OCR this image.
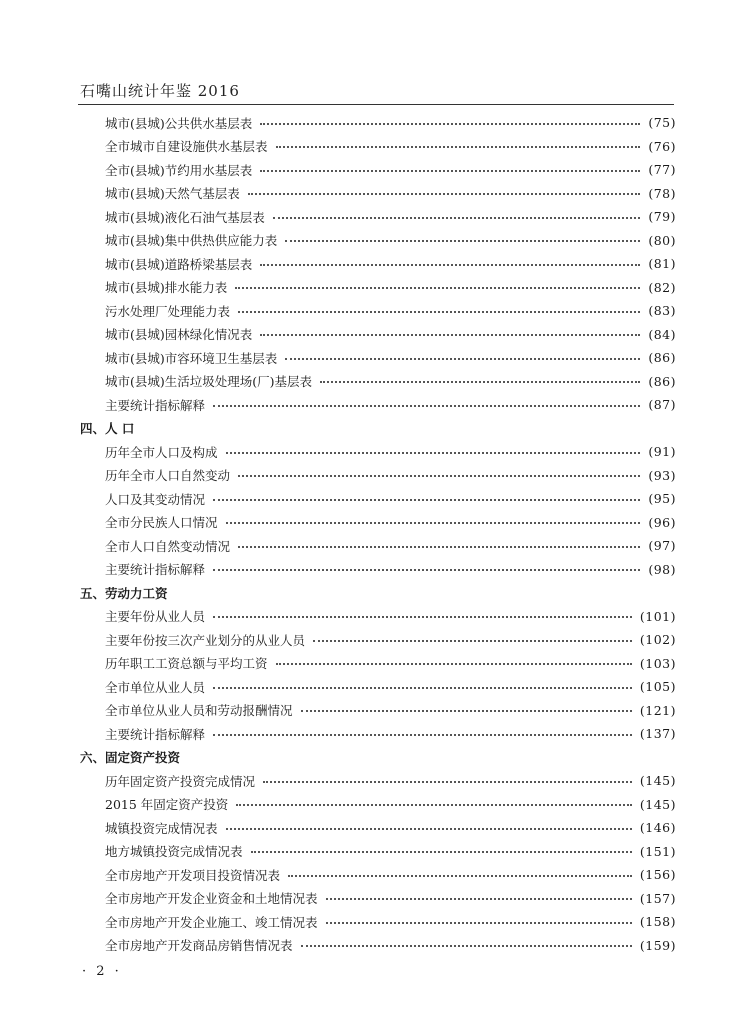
石嘴山统计年鉴 2016
城市(县城)公共供水基层表	(75)
全市城市自建设施供水基层表	(76)
全市(县城)节约用水基层表	(77)
城市(县城)天然气基层表	(78)
城市(县城)液化石油气基层表	(79)
城市(县城)集中供热供应能力表	(80)
城市(县城)道路桥梁基层表	(81)
城市(县城)排水能力表	(82)
污水处理厂处理能力表	(83)
城市(县城)园林绿化情况表	(84)
城市(县城)市容环境卫生基层表	(86)
城市(县城)生活垃圾处理场(厂)基层表	(86)
主要统计指标解释	(87)
四、人 口
历年全市人口及构成	(91)
历年全市人口自然变动	(93)
人口及其变动情况	(95)
全市分民族人口情况	(96)
全市人口自然变动情况	(97)
主要统计指标解释	(98)
五、劳动力工资
主要年份从业人员	(101)
主要年份按三次产业划分的从业人员	(102)
历年职工工资总额与平均工资	(103)
全市单位从业人员	(105)
全市单位从业人员和劳动报酬情况	(121)
主要统计指标解释	(137)
六、固定资产投资
历年固定资产投资完成情况	(145)
2015 年固定资产投资	(145)
城镇投资完成情况表	(146)
地方城镇投资完成情况表	(151)
全市房地产开发项目投资情况表	(156)
全市房地产开发企业资金和土地情况表	(157)
全市房地产开发企业施工、竣工情况表	(158)
全市房地产开发商品房销售情况表	(159)
· 2 ·
